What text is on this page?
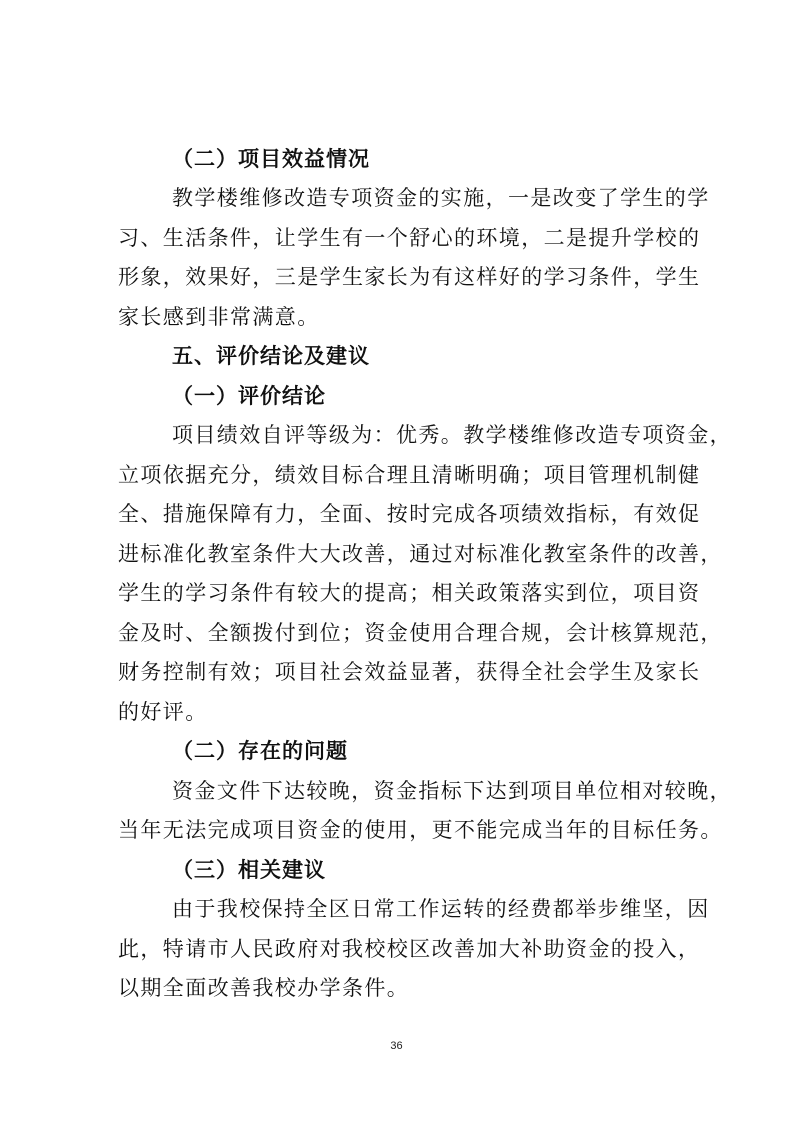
（二）项目效益情况
教学楼维修改造专项资金的实施，一是改变了学生的学
习、生活条件，让学生有一个舒心的环境，二是提升学校的
形象，效果好，三是学生家长为有这样好的学习条件，学生
家长感到非常满意。
五、评价结论及建议
（一）评价结论
项目绩效自评等级为：优秀。教学楼维修改造专项资金，
立项依据充分，绩效目标合理且清晰明确；项目管理机制健
全、措施保障有力，全面、按时完成各项绩效指标，有效促
进标准化教室条件大大改善，通过对标准化教室条件的改善，
学生的学习条件有较大的提高；相关政策落实到位，项目资
金及时、全额拨付到位；资金使用合理合规，会计核算规范，
财务控制有效；项目社会效益显著，获得全社会学生及家长
的好评。
（二）存在的问题
资金文件下达较晚，资金指标下达到项目单位相对较晚，
当年无法完成项目资金的使用，更不能完成当年的目标任务。
（三）相关建议
由于我校保持全区日常工作运转的经费都举步维坚，因
此，特请市人民政府对我校校区改善加大补助资金的投入，
以期全面改善我校办学条件。
36
